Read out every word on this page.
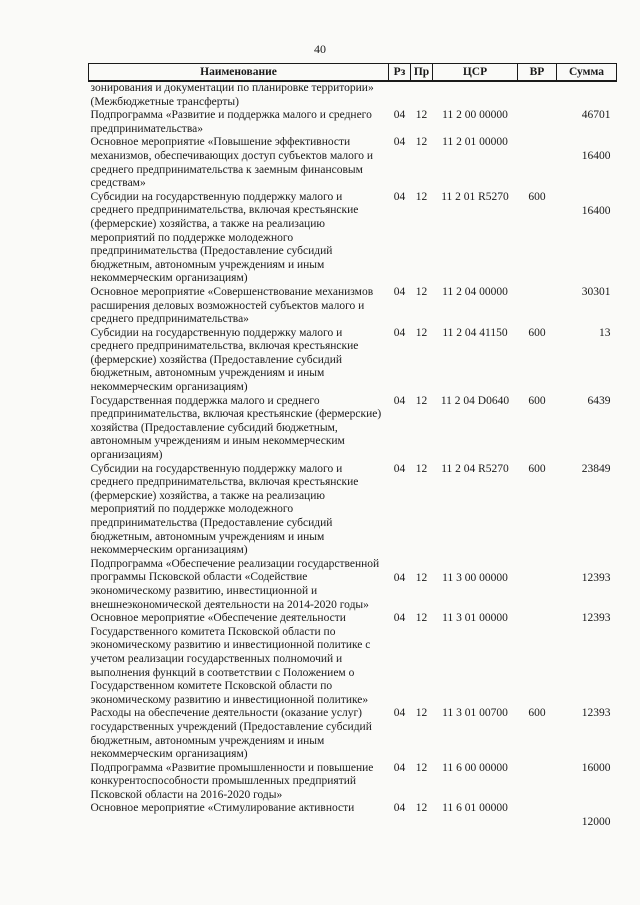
40
Наименование	Рз	Пр	ЦСР	ВР	Сумма
зонирования и документации по планировке территории» (Межбюджетные трансферты)					
Подпрограмма «Развитие и поддержка малого и среднего предпринимательства»	04	12	11 2 00 00000		46701
Основное мероприятие «Повышение эффективности механизмов, обеспечивающих доступ субъектов малого и среднего предпринимательства к заемным финансовым средствам»	04	12	11 2 01 00000		16400
Субсидии на государственную поддержку малого и среднего предпринимательства, включая крестьянские (фермерские) хозяйства, а также на реализацию мероприятий по поддержке молодежного предпринимательства (Предоставление субсидий бюджетным, автономным учреждениям и иным некоммерческим организациям)	04	12	11 2 01 R5270	600	16400
Основное мероприятие «Совершенствование механизмов расширения деловых возможностей субъектов малого и среднего предпринимательства»	04	12	11 2 04 00000		30301
Субсидии на государственную поддержку малого и среднего предпринимательства, включая крестьянские (фермерские) хозяйства (Предоставление субсидий бюджетным, автономным учреждениям и иным некоммерческим организациям)	04	12	11 2 04 41150	600	13
Государственная поддержка малого и среднего предпринимательства, включая крестьянские (фермерские) хозяйства (Предоставление субсидий бюджетным, автономным учреждениям и иным некоммерческим организациям)	04	12	11 2 04 D0640	600	6439
Субсидии на государственную поддержку малого и среднего предпринимательства, включая крестьянские (фермерские) хозяйства, а также на реализацию мероприятий по поддержке молодежного предпринимательства (Предоставление субсидий бюджетным, автономным учреждениям и иным некоммерческим организациям)	04	12	11 2 04 R5270	600	23849
Подпрограмма «Обеспечение реализации государственной программы Псковской области «Содействие экономическому развитию, инвестиционной и внешнеэкономической деятельности на 2014-2020 годы»	04	12	11 3 00 00000		12393
Основное мероприятие «Обеспечение деятельности Государственного комитета Псковской области по экономическому развитию и инвестиционной политике с учетом реализации государственных полномочий и выполнения функций в соответствии с Положением о Государственном комитете Псковской области по экономическому развитию и инвестиционной политике»	04	12	11 3 01 00000		12393
Расходы на обеспечение деятельности (оказание услуг) государственных учреждений (Предоставление субсидий бюджетным, автономным учреждениям и иным некоммерческим организациям)	04	12	11 3 01 00700	600	12393
Подпрограмма «Развитие промышленности и повышение конкурентоспособности промышленных предприятий Псковской области на 2016-2020 годы»	04	12	11 6 00 00000		16000
Основное мероприятие «Стимулирование активности	04	12	11 6 01 00000		12000
